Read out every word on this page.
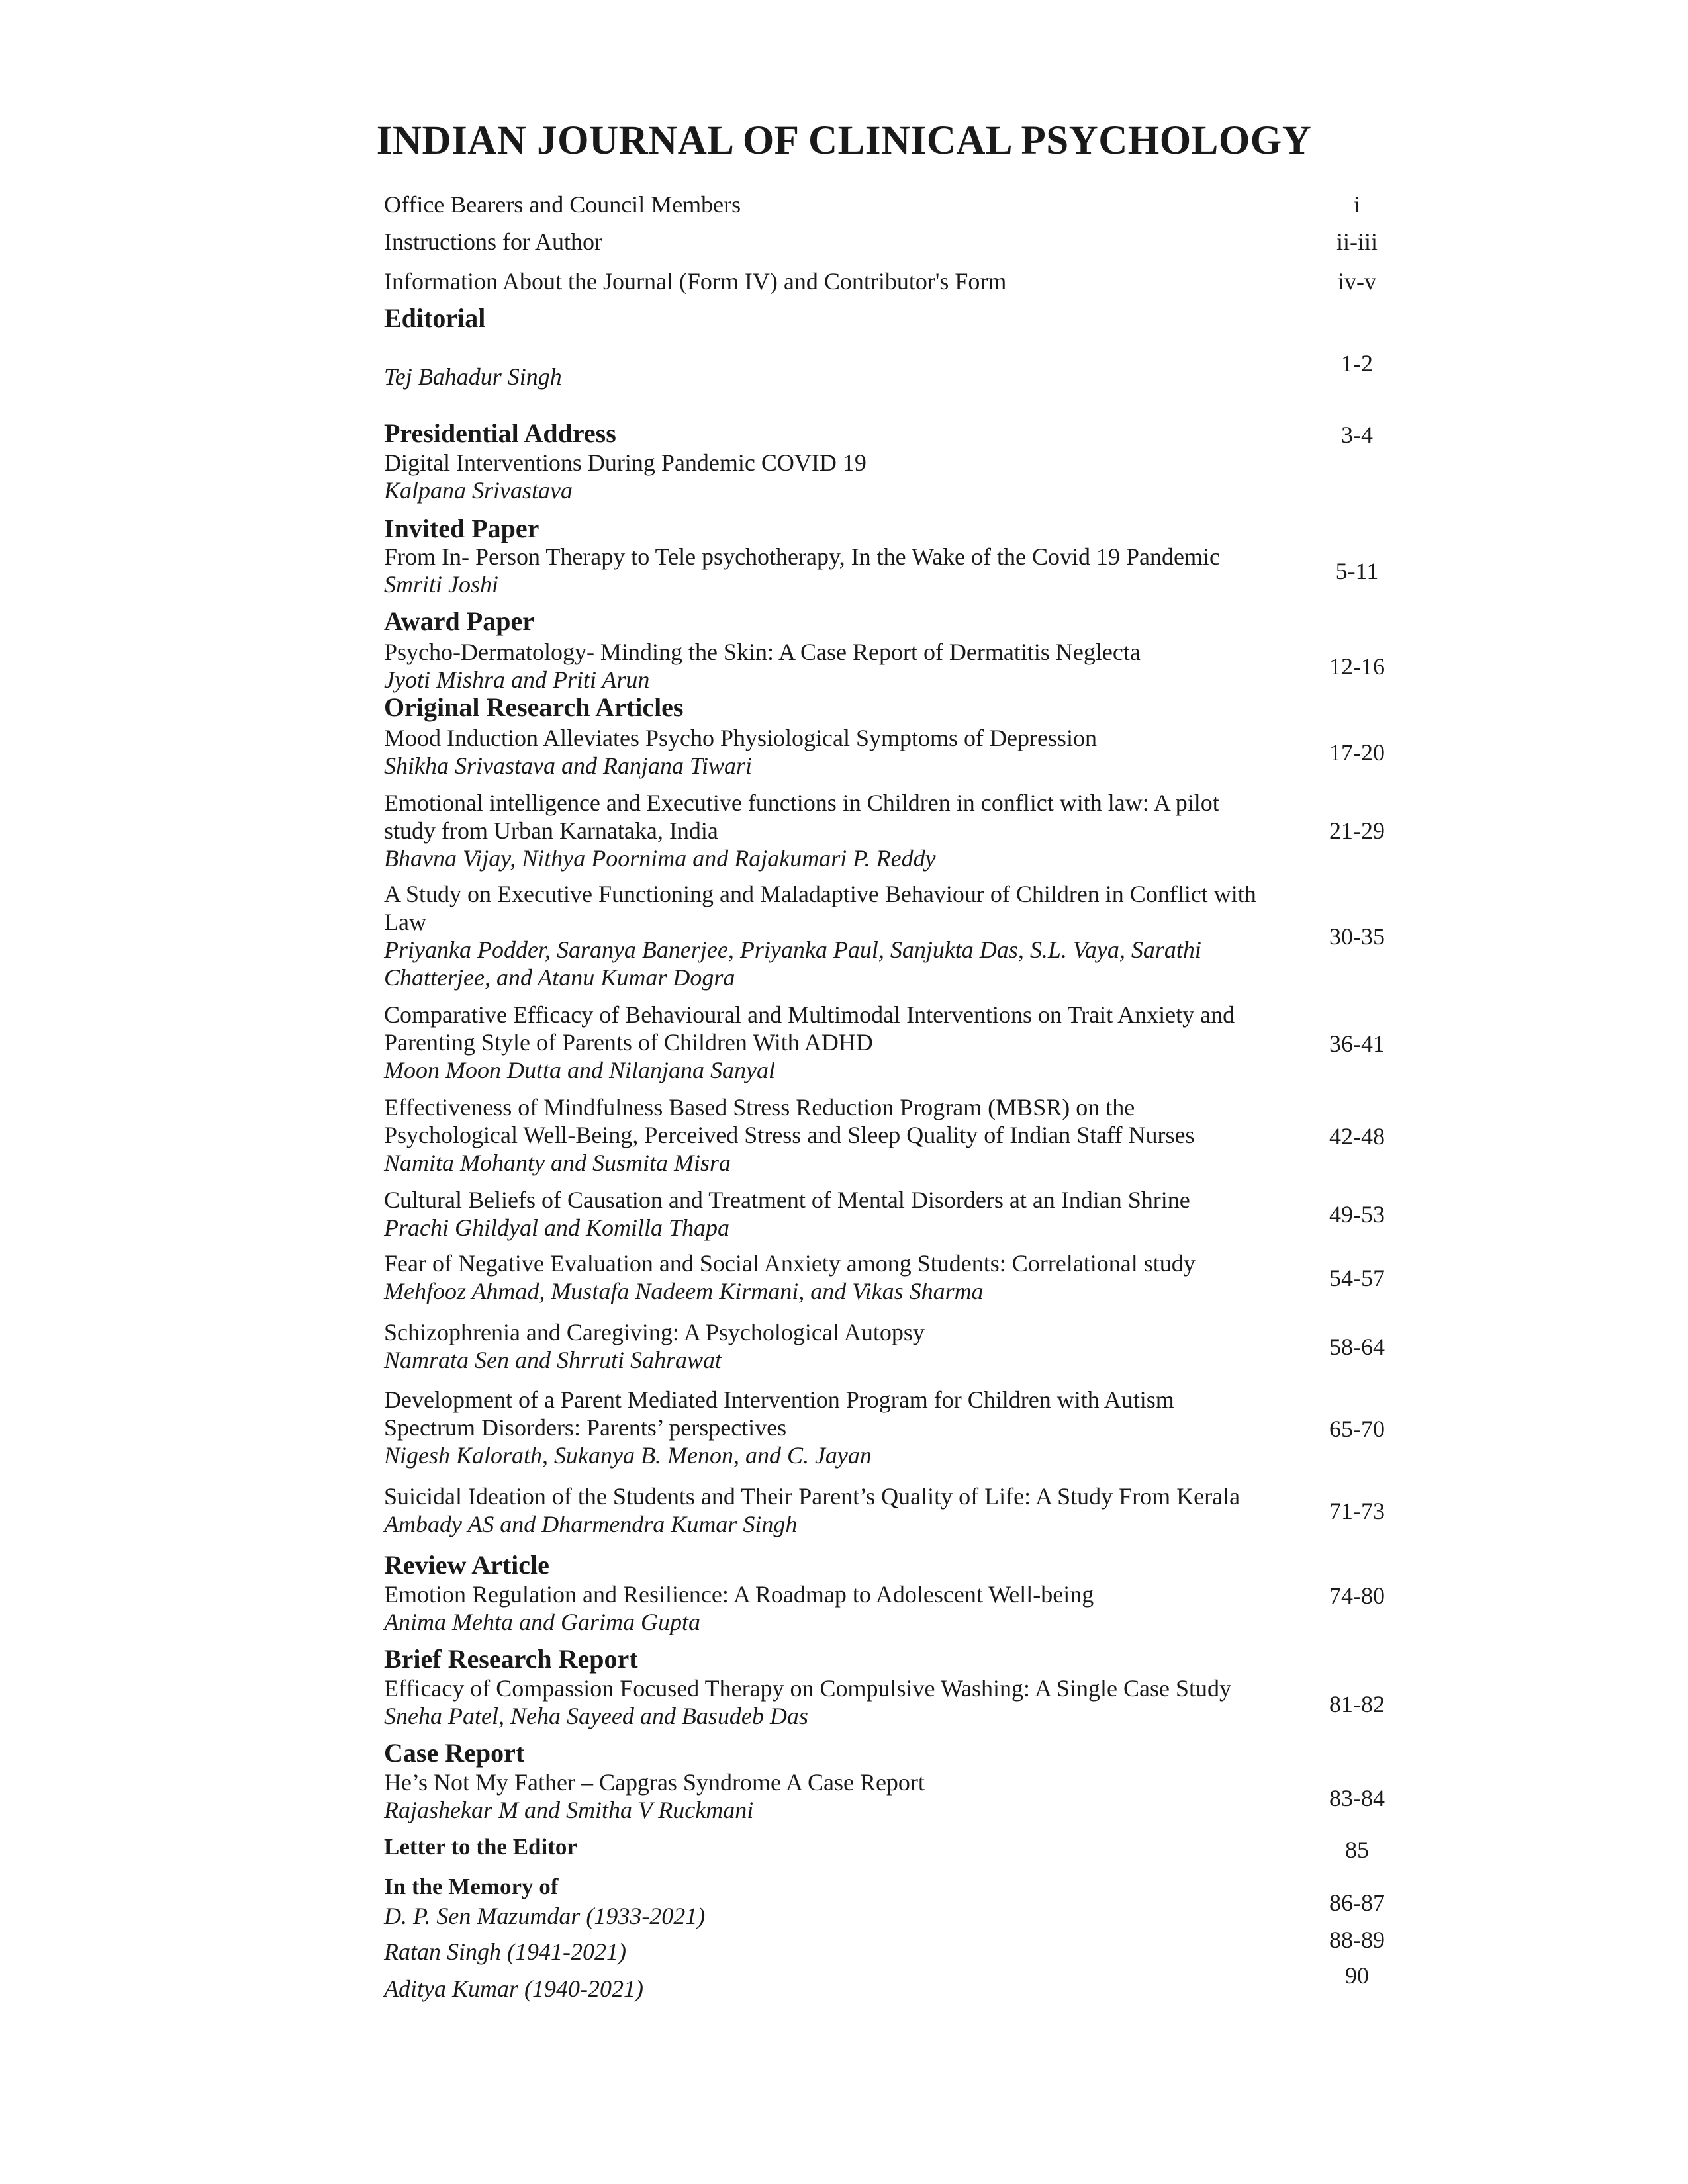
INDIAN JOURNAL OF CLINICAL PSYCHOLOGY
Office Bearers and Council Members	i
Instructions for Author	ii-iii
Information About the Journal (Form IV) and Contributor's Form	iv-v
Editorial
Tej Bahadur Singh	1-2
Presidential Address	3-4
Digital Interventions During Pandemic COVID 19
Kalpana Srivastava
Invited Paper
From In- Person Therapy to Tele psychotherapy, In the Wake of the Covid 19 Pandemic
Smriti Joshi	5-11
Award Paper
Psycho-Dermatology- Minding the Skin: A Case Report of Dermatitis Neglecta
Jyoti Mishra and Priti Arun	12-16
Original Research Articles
Mood Induction Alleviates Psycho Physiological Symptoms of Depression
Shikha Srivastava and Ranjana Tiwari	17-20
Emotional intelligence and Executive functions in Children in conflict with law: A pilot
study from Urban Karnataka, India
Bhavna Vijay, Nithya Poornima and Rajakumari P. Reddy
21-29
A Study on Executive Functioning and Maladaptive Behaviour of Children in Conflict with
Law
Priyanka Podder, Saranya Banerjee, Priyanka Paul, Sanjukta Das, S.L. Vaya, Sarathi
Chatterjee, and Atanu Kumar Dogra
30-35
Comparative Efficacy of Behavioural and Multimodal Interventions on Trait Anxiety and
Parenting Style of Parents of Children With ADHD
Moon Moon Dutta and Nilanjana Sanyal
36-41
Effectiveness of Mindfulness Based Stress Reduction Program (MBSR) on the
Psychological Well-Being, Perceived Stress and Sleep Quality of Indian Staff Nurses
Namita Mohanty and Susmita Misra
42-48
Cultural Beliefs of Causation and Treatment of Mental Disorders at an Indian Shrine
Prachi Ghildyal and Komilla Thapa	49-53
Fear of Negative Evaluation and Social Anxiety among Students: Correlational study
Mehfooz Ahmad, Mustafa Nadeem Kirmani, and Vikas Sharma	54-57
Schizophrenia and Caregiving: A Psychological Autopsy
Namrata Sen and Shrruti Sahrawat	58-64
Development of a Parent Mediated Intervention Program for Children with Autism
Spectrum Disorders: Parents’ perspectives
Nigesh Kalorath, Sukanya B. Menon, and C. Jayan
65-70
Suicidal Ideation of the Students and Their Parent’s Quality of Life: A Study From Kerala
Ambady AS and Dharmendra Kumar Singh	71-73
Review Article
Emotion Regulation and Resilience: A Roadmap to Adolescent Well-being
Anima Mehta and Garima Gupta
74-80
Brief Research Report
Efficacy of Compassion Focused Therapy on Compulsive Washing: A Single Case Study
Sneha Patel, Neha Sayeed and Basudeb Das	81-82
Case Report
He’s Not My Father – Capgras Syndrome A Case Report
Rajashekar M and Smitha V Ruckmani	83-84
Letter to the Editor	85
In the Memory of
D. P. Sen Mazumdar (1933-2021)	86-87
Ratan Singh (1941-2021)	88-89
Aditya Kumar (1940-2021)	90
